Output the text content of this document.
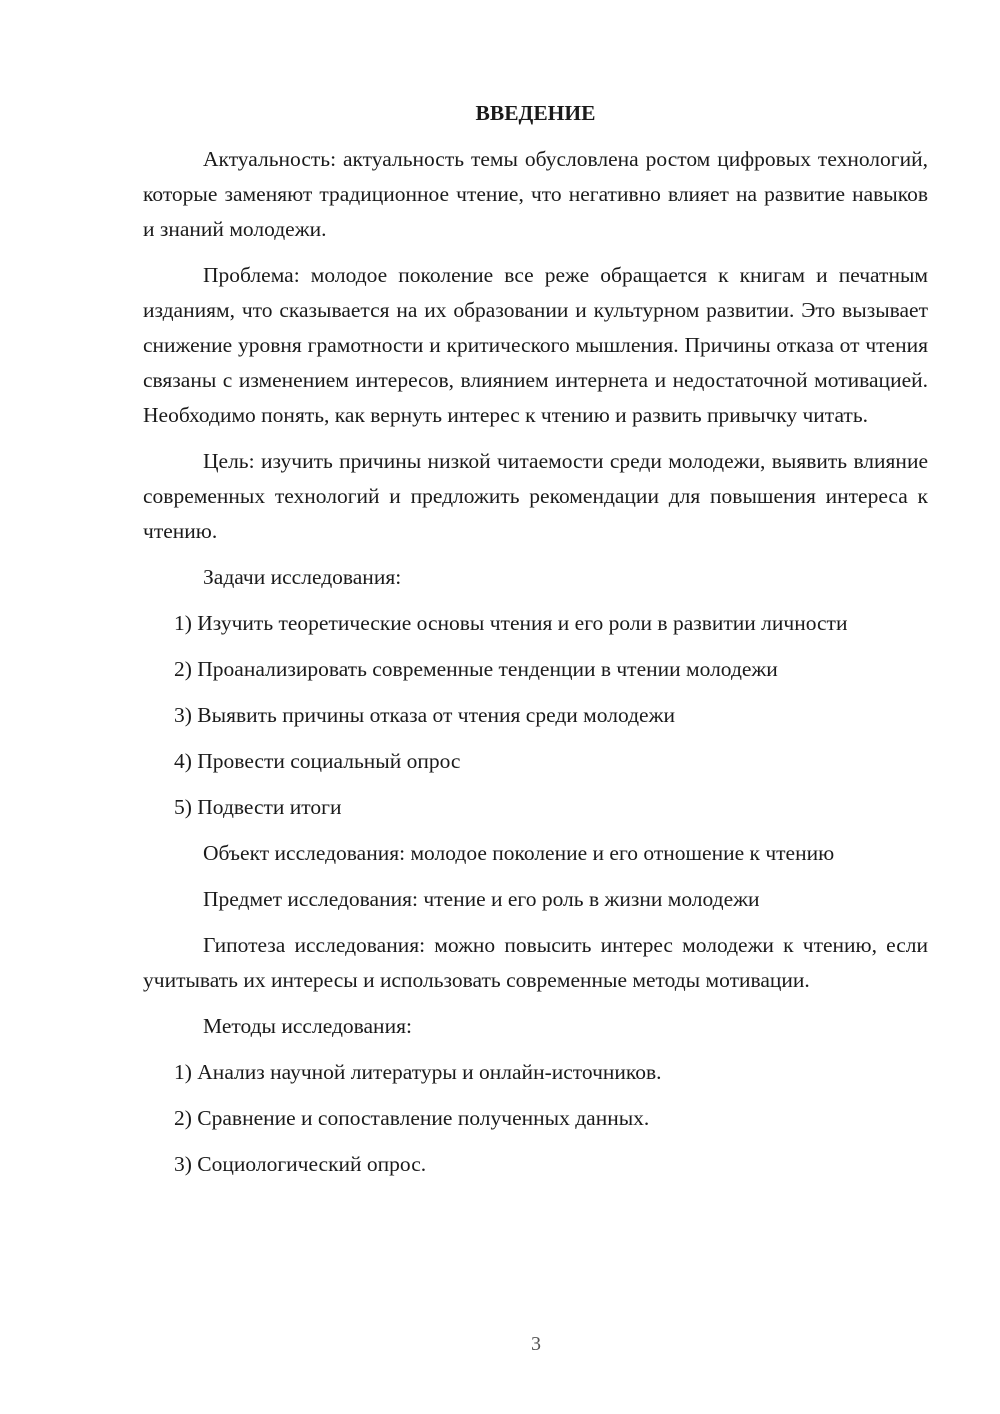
ВВЕДЕНИЕ

Актуальность: актуальность темы обусловлена ростом цифровых технологий, которые заменяют традиционное чтение, что негативно влияет на развитие навыков и знаний молодежи.

Проблема: молодое поколение все реже обращается к книгам и печатным изданиям, что сказывается на их образовании и культурном развитии. Это вызывает снижение уровня грамотности и критического мышления. Причины отказа от чтения связаны с изменением интересов, влиянием интернета и недостаточной мотивацией. Необходимо понять, как вернуть интерес к чтению и развить привычку читать.

Цель: изучить причины низкой читаемости среди молодежи, выявить влияние современных технологий и предложить рекомендации для повышения интереса к чтению.

Задачи исследования:

1) Изучить теоретические основы чтения и его роли в развитии личности

2) Проанализировать современные тенденции в чтении молодежи

3) Выявить причины отказа от чтения среди молодежи

4) Провести социальный опрос

5) Подвести итоги

Объект исследования: молодое поколение и его отношение к чтению

Предмет исследования: чтение и его роль в жизни молодежи

Гипотеза исследования: можно повысить интерес молодежи к чтению, если учитывать их интересы и использовать современные методы мотивации.

Методы исследования:

1) Анализ научной литературы и онлайн-источников.

2) Сравнение и сопоставление полученных данных.

3) Социологический опрос.

3
